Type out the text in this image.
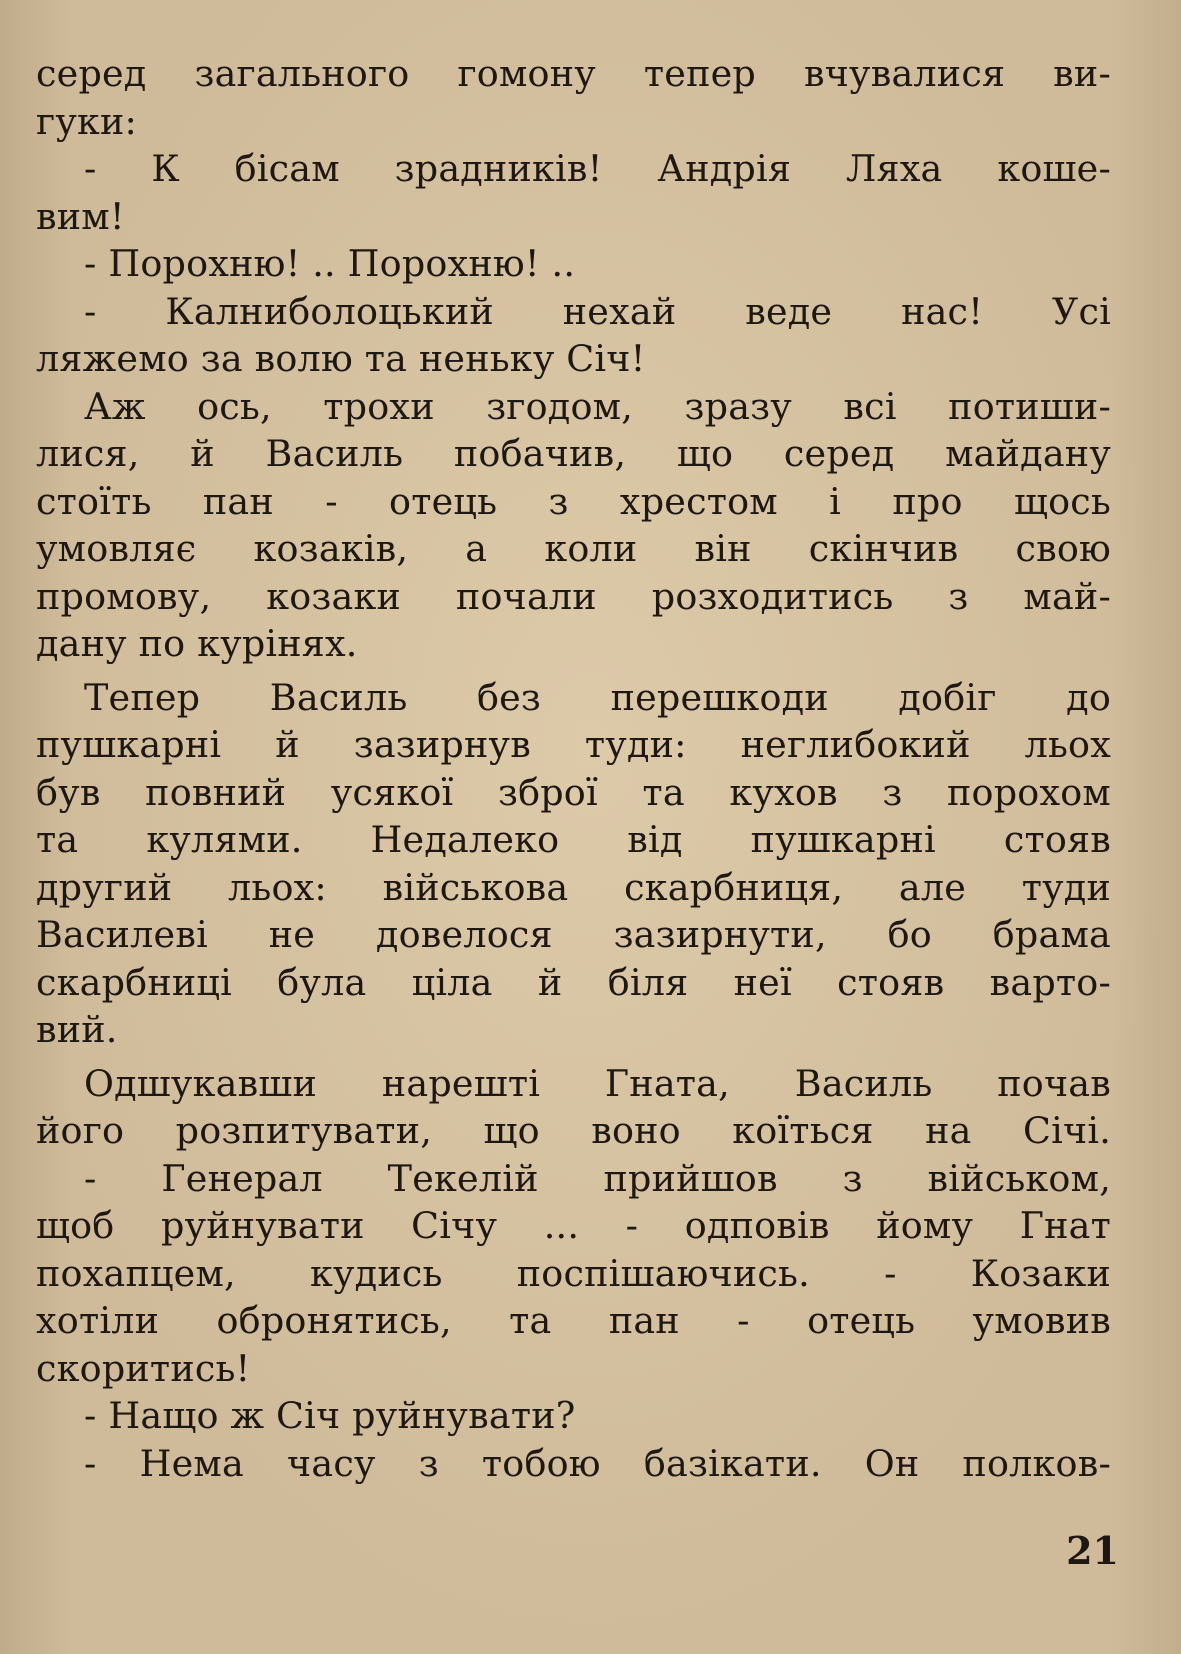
серед загального гомону тепер вчувалися ви-
гуки:
- К бісам зрадників! Андрія Ляха коше-
вим!
- Порохню! .. Порохню! ..
- Калниболоцький нехай веде нас! Усі
ляжемо за волю та неньку Січ!
Аж ось, трохи згодом, зразу всі потиши-
лися, й Василь побачив, що серед майдану
стоїть пан - отець з хрестом і про щось
умовляє козаків, а коли він скінчив свою
промову, козаки почали розходитись з май-
дану по курінях.
Тепер Василь без перешкоди добіг до
пушкарні й зазирнув туди: неглибокий льох
був повний усякої зброї та кухов з порохом
та кулями. Недалеко від пушкарні стояв
другий льох: військова скарбниця, але туди
Василеві не довелося зазирнути, бо брама
скарбниці була ціла й біля неї стояв варто-
вий.
Одшукавши нарешті Гната, Василь почав
його розпитувати, що воно коїться на Січі.
- Генерал Текелій прийшов з військом,
щоб руйнувати Січу ... - одповів йому Гнат
похапцем, кудись поспішаючись. - Козаки
хотіли обронятись, та пан - отець умовив
скоритись!
- Нащо ж Січ руйнувати?
- Нема часу з тобою базікати. Он полков-
21
